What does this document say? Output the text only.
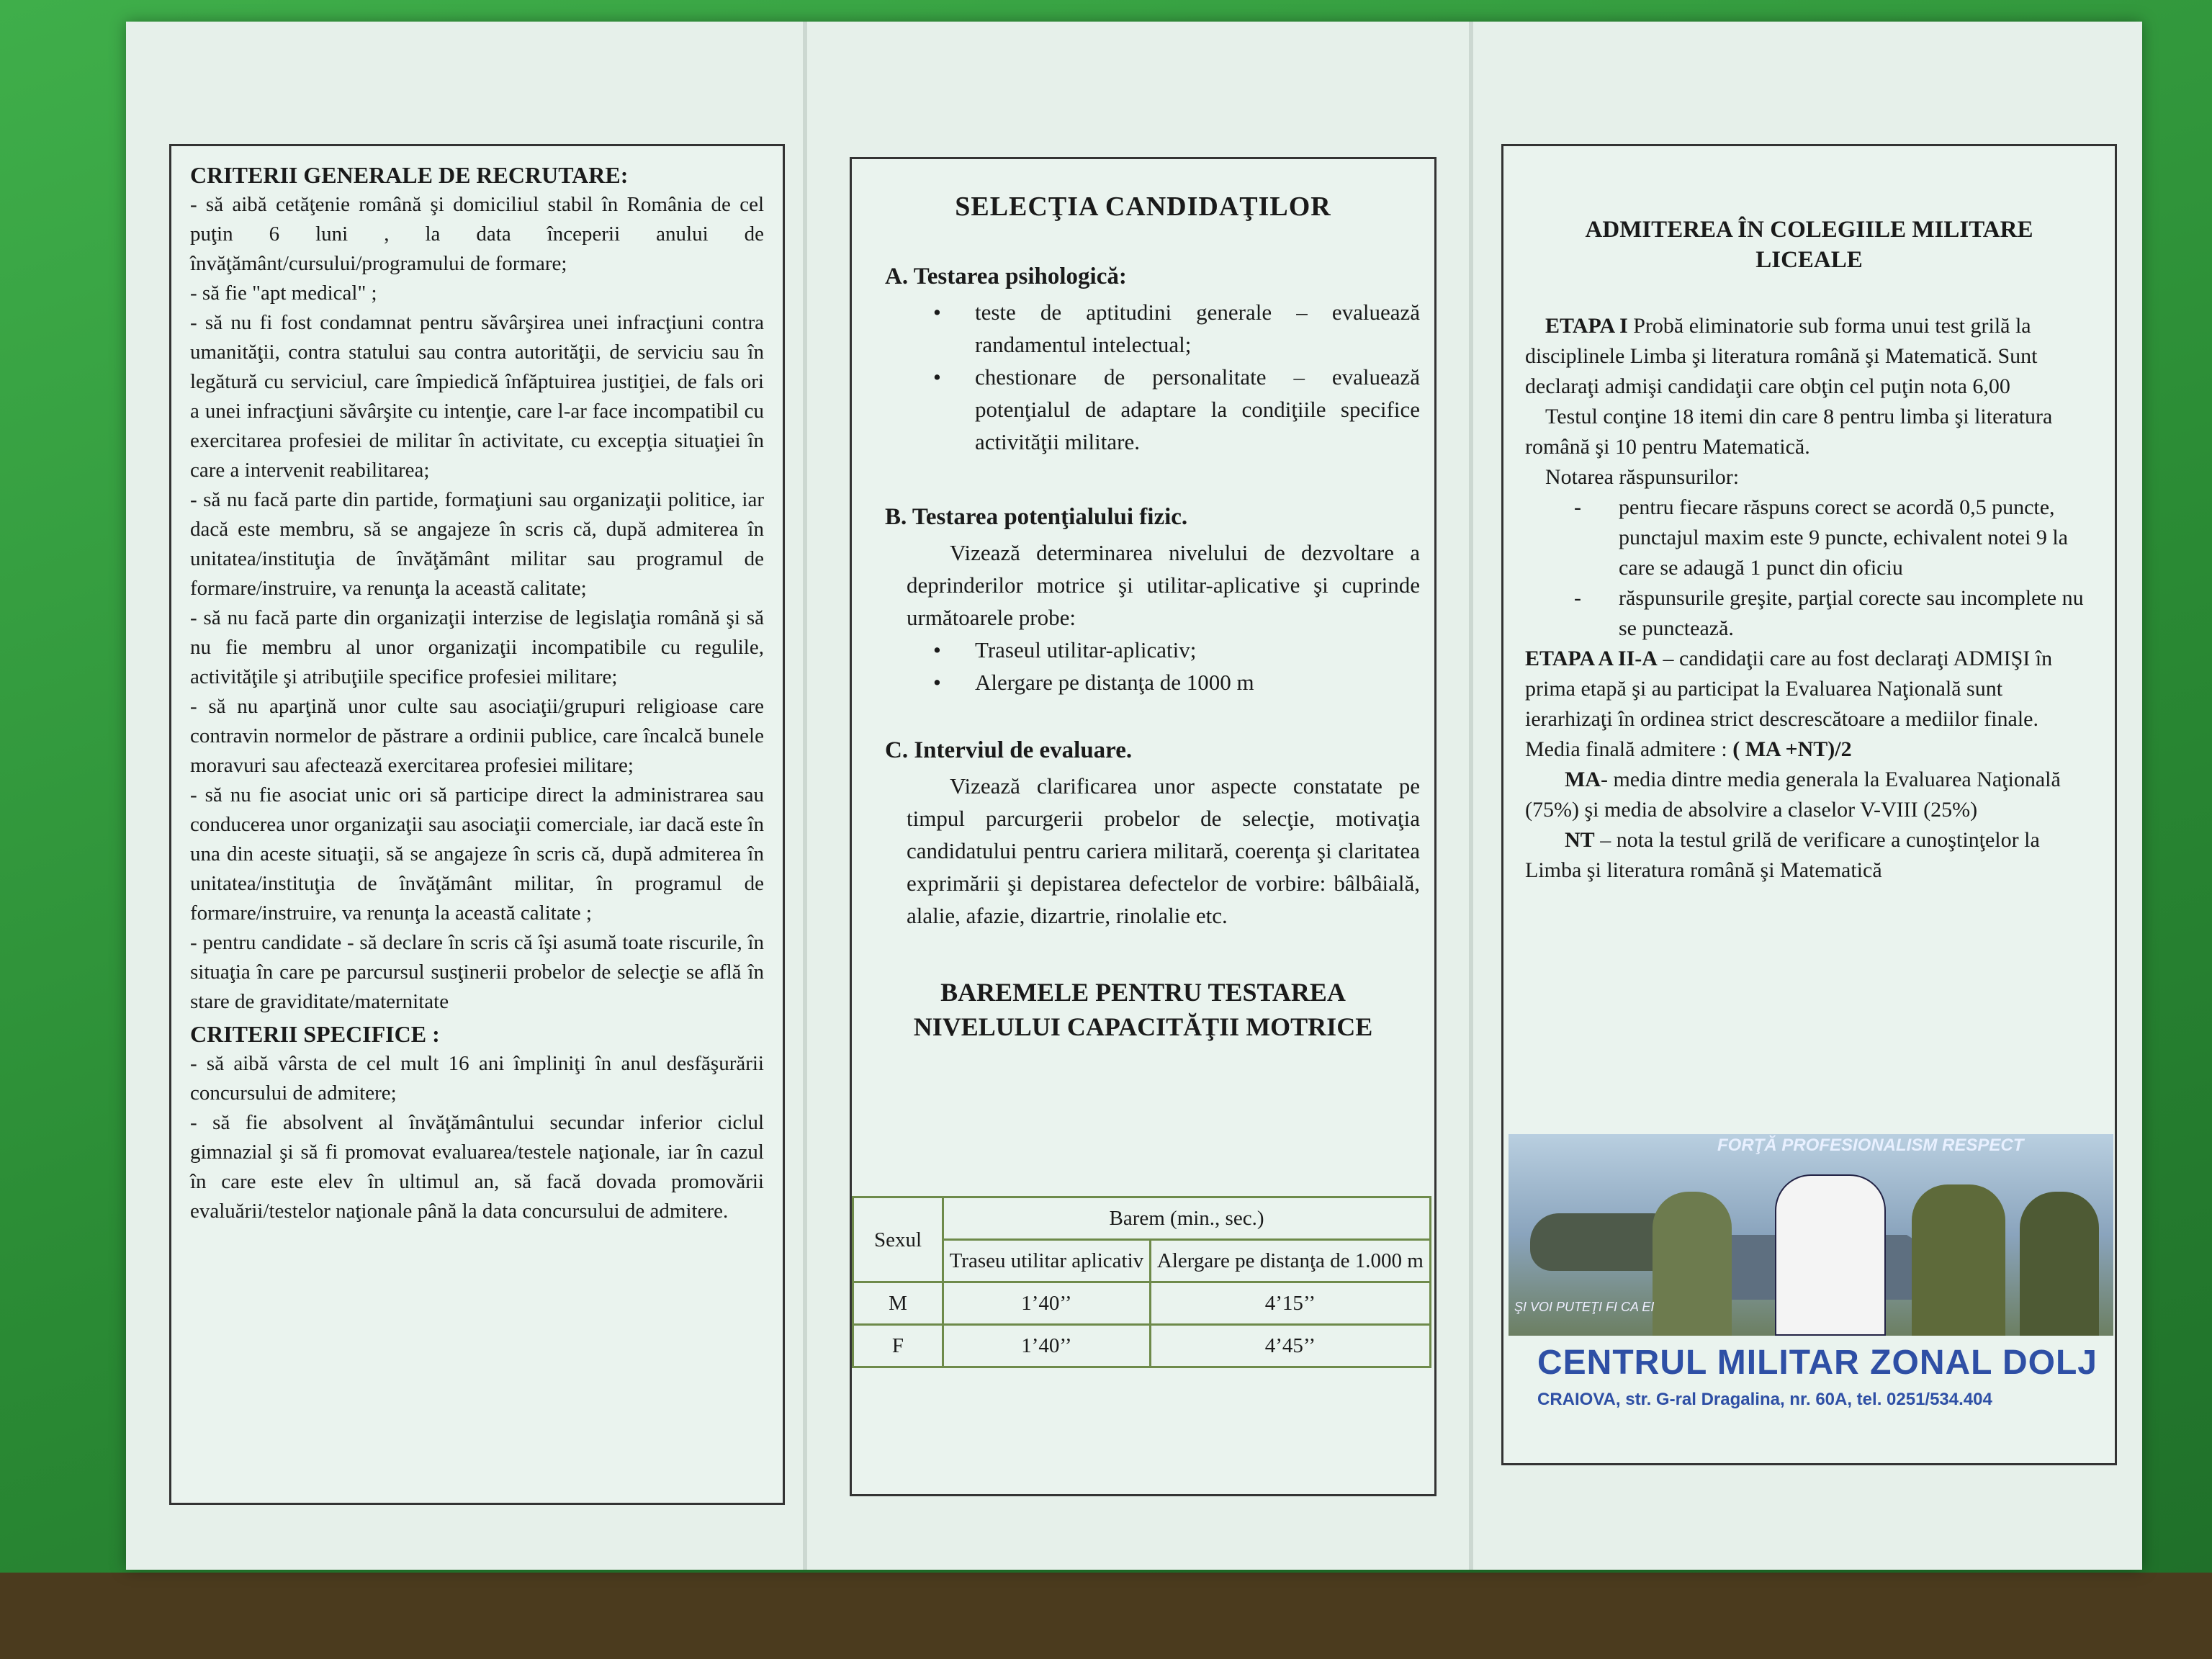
CRITERII GENERALE DE RECRUTARE:

- să aibă cetăţenie română şi domiciliul stabil în România de cel puţin 6 luni , la data începerii anului de învăţământ/cursului/programului de formare;

- să fie "apt medical" ;

- să nu fi fost condamnat pentru săvârşirea unei infracţiuni contra umanităţii, contra statului sau contra autorităţii, de serviciu sau în legătură cu serviciul, care împiedică înfăptuirea justiţiei, de fals ori a unei infracţiuni săvârşite cu intenţie, care l-ar face incompatibil cu exercitarea profesiei de militar în activitate, cu excepţia situaţiei în care a intervenit reabilitarea;

- să nu facă parte din partide, formaţiuni sau organizaţii politice, iar dacă este membru, să se angajeze în scris că, după admiterea în unitatea/instituţia de învăţământ militar sau programul de formare/instruire, va renunţa la această calitate;

- să nu facă parte din organizaţii interzise de legislaţia română şi să nu fie membru al unor organizaţii incompatibile cu regulile, activităţile şi atribuţiile specifice profesiei militare;

- să nu aparţină unor culte sau asociaţii/grupuri religioase care contravin normelor de păstrare a ordinii publice, care încalcă bunele moravuri sau afectează exercitarea profesiei militare;

- să nu fie asociat unic ori să participe direct la administrarea sau conducerea unor organizaţii sau asociaţii comerciale, iar dacă este în una din aceste situaţii, să se angajeze în scris că, după admiterea în unitatea/instituţia de învăţământ militar, în programul de formare/instruire, va renunţa la această calitate ;

- pentru candidate - să declare în scris că îşi asumă toate riscurile, în situaţia în care pe parcursul susţinerii probelor de selecţie se află în stare de graviditate/maternitate

CRITERII SPECIFICE :

- să aibă vârsta de cel mult 16 ani împliniţi în anul desfăşurării concursului de admitere;

- să fie absolvent al învăţământului secundar inferior ciclul gimnazial şi să fi promovat evaluarea/testele naţionale, iar în cazul în care este elev în ultimul an, să facă dovada promovării evaluării/testelor naţionale până la data concursului de admitere.

SELECŢIA CANDIDAŢILOR
A. Testarea psihologică:
• teste de aptitudini generale – evaluează randamentul intelectual;
• chestionare de personalitate – evaluează potenţialul de adaptare la condiţiile specifice activităţii militare.
B. Testarea potenţialului fizic.

Vizează determinarea nivelului de dezvoltare a deprinderilor motrice şi utilitar-aplicative şi cuprinde următoarele probe:

• Traseul utilitar-aplicativ;
• Alergare pe distanţa de 1000 m
C. Interviul de evaluare.

Vizează clarificarea unor aspecte constatate pe timpul parcurgerii probelor de selecţie, motivaţia candidatului pentru cariera militară, coerenţa şi claritatea exprimării şi depistarea defectelor de vorbire: bâlbâială, alalie, afazie, dizartrie, rinolalie etc.

BAREMELE PENTRU TESTAREA
NIVELULUI CAPACITĂŢII MOTRICE
Sexul	Barem (min., sec.)	
	Traseu utilitar aplicativ	Alergare pe distanţa de 1.000 m
M	1’40’’	4’15’’
F	1’40’’	4’45’’
ADMITEREA ÎN COLEGIILE MILITARE
LICEALE

ETAPA I Probă eliminatorie sub forma unui test grilă la disciplinele Limba şi literatura română şi Matematică. Sunt declaraţi admişi candidaţii care obţin cel puţin nota 6,00

Testul conţine 18 itemi din care 8 pentru limba şi literatura română şi 10 pentru Matematică.

Notarea răspunsurilor:

- pentru fiecare răspuns corect se acordă 0,5 puncte, punctajul maxim este 9 puncte, echivalent notei 9 la care se adaugă 1 punct din oficiu
- răspunsurile greşite, parţial corecte sau incomplete nu se punctează.

ETAPA A II-A – candidaţii care au fost declaraţi ADMIŞI în prima etapă şi au participat la Evaluarea Naţională sunt ierarhizaţi în ordinea strict descrescătoare a mediilor finale.

Media finală admitere : ( MA +NT)/2

MA- media dintre media generala la Evaluarea Naţională (75%) şi media de absolvire a claselor V-VIII (25%)

NT – nota la testul grilă de verificare a cunoştinţelor la Limba şi literatura română şi Matematică

FORŢĂ PROFESIONALISM RESPECT
ŞI VOI PUTEŢI FI CA EI
CENTRUL MILITAR ZONAL DOLJ
CRAIOVA, str. G-ral Dragalina, nr. 60A, tel. 0251/534.404
